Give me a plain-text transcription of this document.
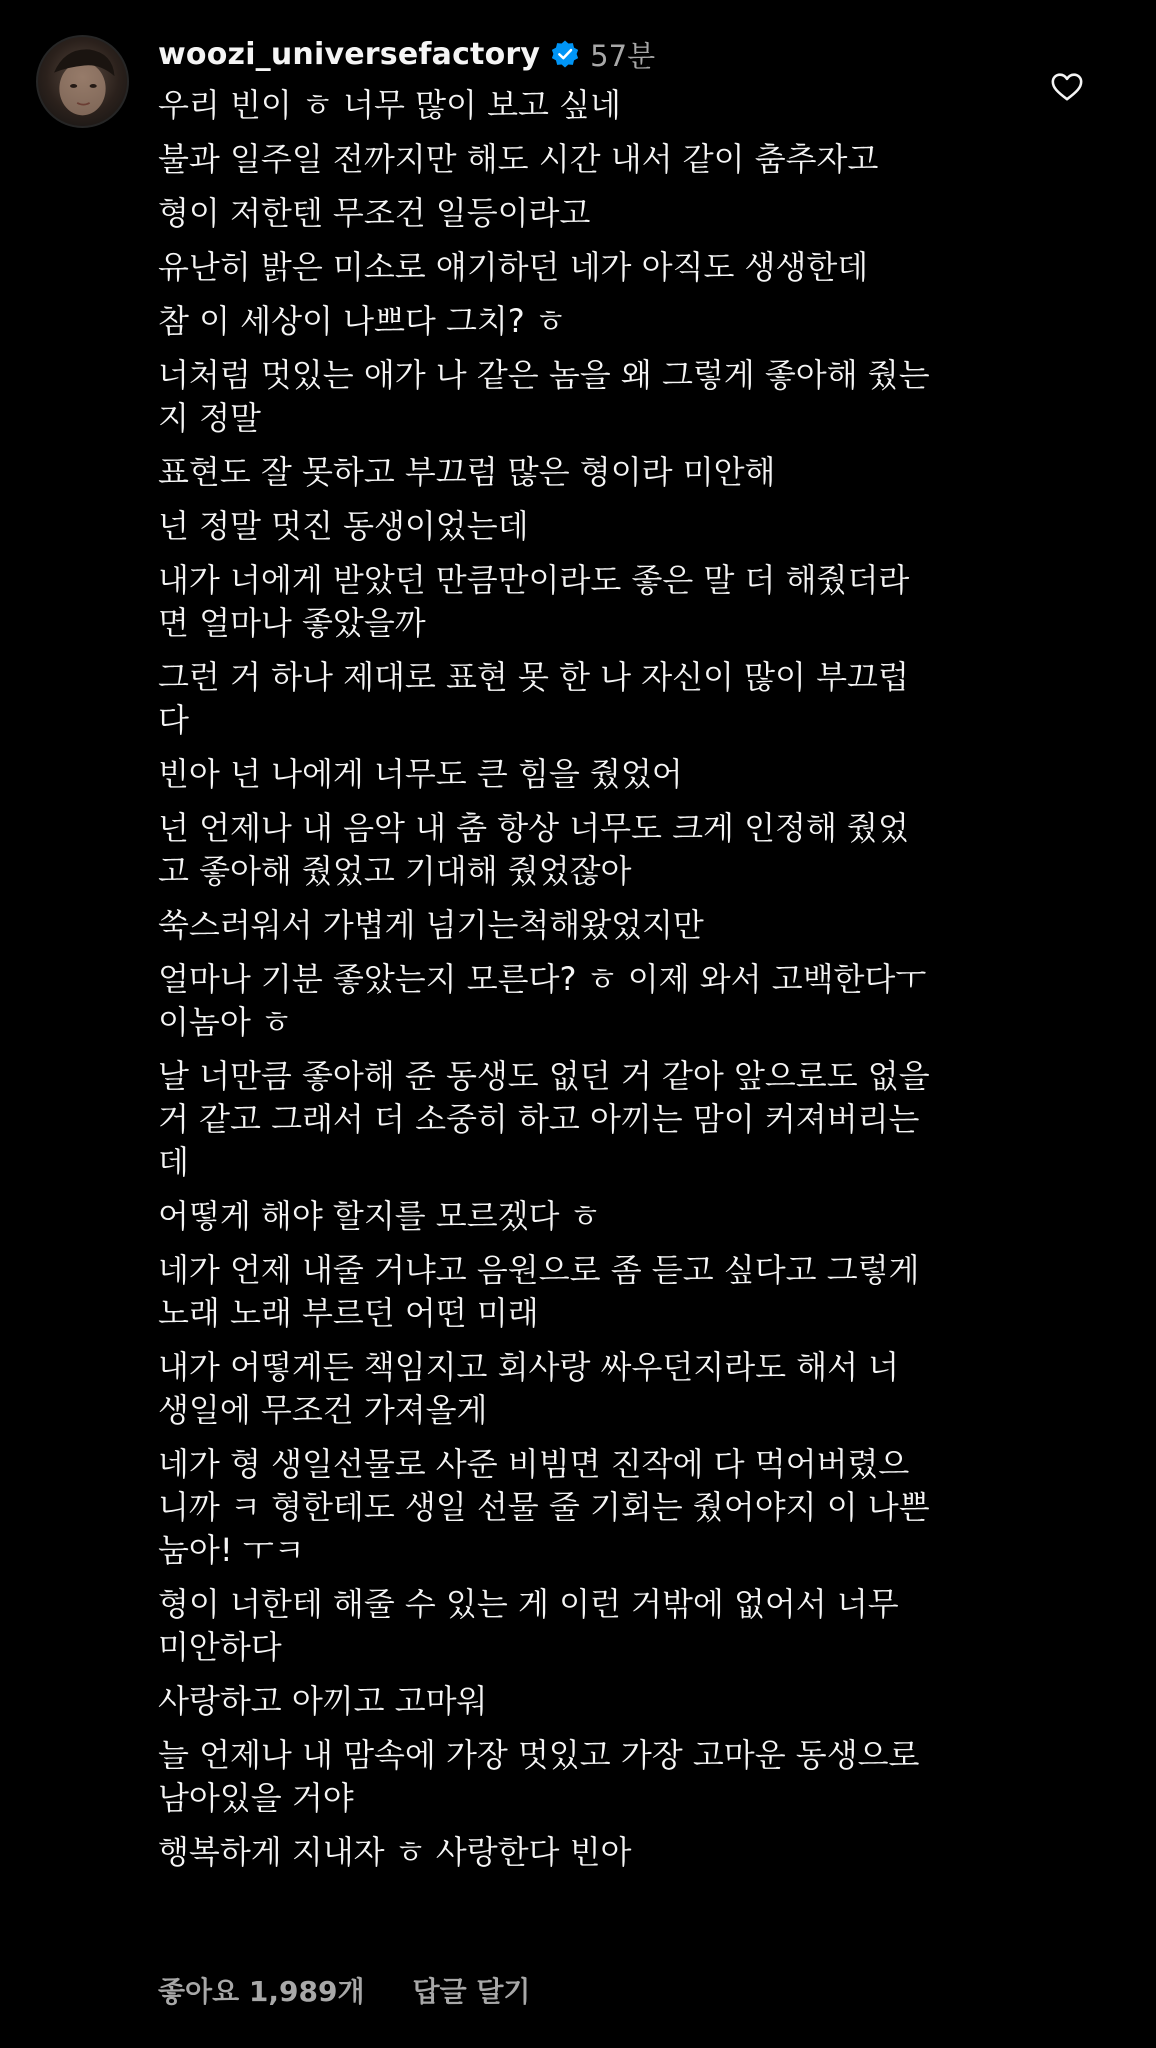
woozi_universefactory 57분
우리 빈이 ㅎ 너무 많이 보고 싶네
불과 일주일 전까지만 해도 시간 내서 같이 춤추자고
형이 저한텐 무조건 일등이라고
유난히 밝은 미소로 얘기하던 네가 아직도 생생한데
참 이 세상이 나쁘다 그치? ㅎ
너처럼 멋있는 애가 나 같은 놈을 왜 그렇게 좋아해 줬는
지 정말
표현도 잘 못하고 부끄럼 많은 형이라 미안해
넌 정말 멋진 동생이었는데
내가 너에게 받았던 만큼만이라도 좋은 말 더 해줬더라
면 얼마나 좋았을까
그런 거 하나 제대로 표현 못 한 나 자신이 많이 부끄럽
다
빈아 넌 나에게 너무도 큰 힘을 줬었어
넌 언제나 내 음악 내 춤 항상 너무도 크게 인정해 줬었
고 좋아해 줬었고 기대해 줬었잖아
쑥스러워서 가볍게 넘기는척해왔었지만
얼마나 기분 좋았는지 모른다? ㅎ 이제 와서 고백한다ㅜ
이놈아 ㅎ
날 너만큼 좋아해 준 동생도 없던 거 같아 앞으로도 없을
거 같고 그래서 더 소중히 하고 아끼는 맘이 커져버리는
데
어떻게 해야 할지를 모르겠다 ㅎ
네가 언제 내줄 거냐고 음원으로 좀 듣고 싶다고 그렇게
노래 노래 부르던 어떤 미래
내가 어떻게든 책임지고 회사랑 싸우던지라도 해서 너
생일에 무조건 가져올게
네가 형 생일선물로 사준 비빔면 진작에 다 먹어버렸으
니까 ㅋ 형한테도 생일 선물 줄 기회는 줬어야지 이 나쁜
눔아! ㅜㅋ
형이 너한테 해줄 수 있는 게 이런 거밖에 없어서 너무
미안하다
사랑하고 아끼고 고마워
늘 언제나 내 맘속에 가장 멋있고 가장 고마운 동생으로
남아있을 거야
행복하게 지내자 ㅎ 사랑한다 빈아
좋아요 1,989개 답글 달기
